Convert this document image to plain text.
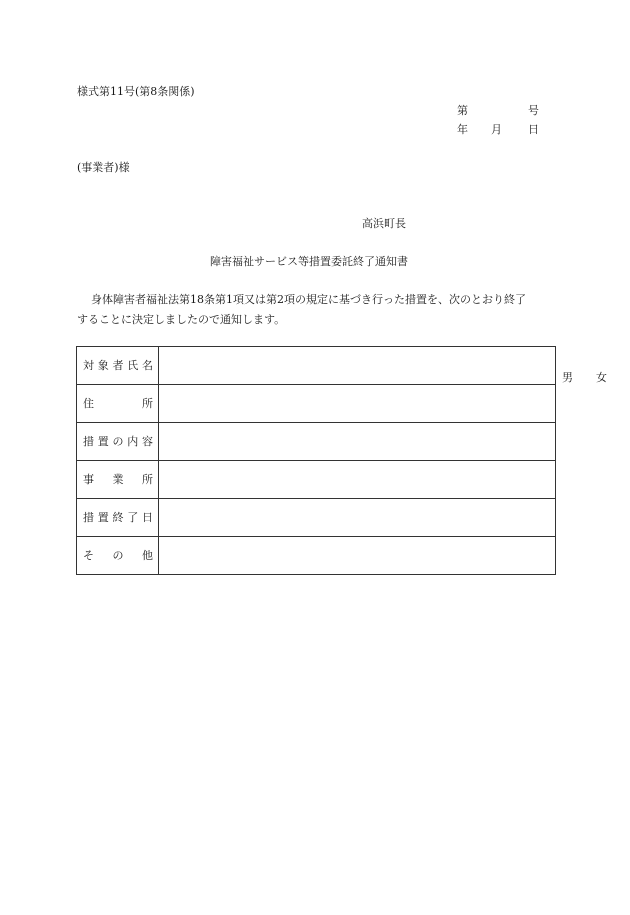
様式第11号(第8条関係)
第	号
年 月 日
(事業者)様
高浜町長
障害福祉サービス等措置委託終了通知書
身体障害者福祉法第18条第1項又は第2項の規定に基づき行った措置を、次のとおり終了
することに決定しましたので通知します。
対象者氏名	男 女

住所	

措置の内容	

事業所	

措置終了日	

その他	
